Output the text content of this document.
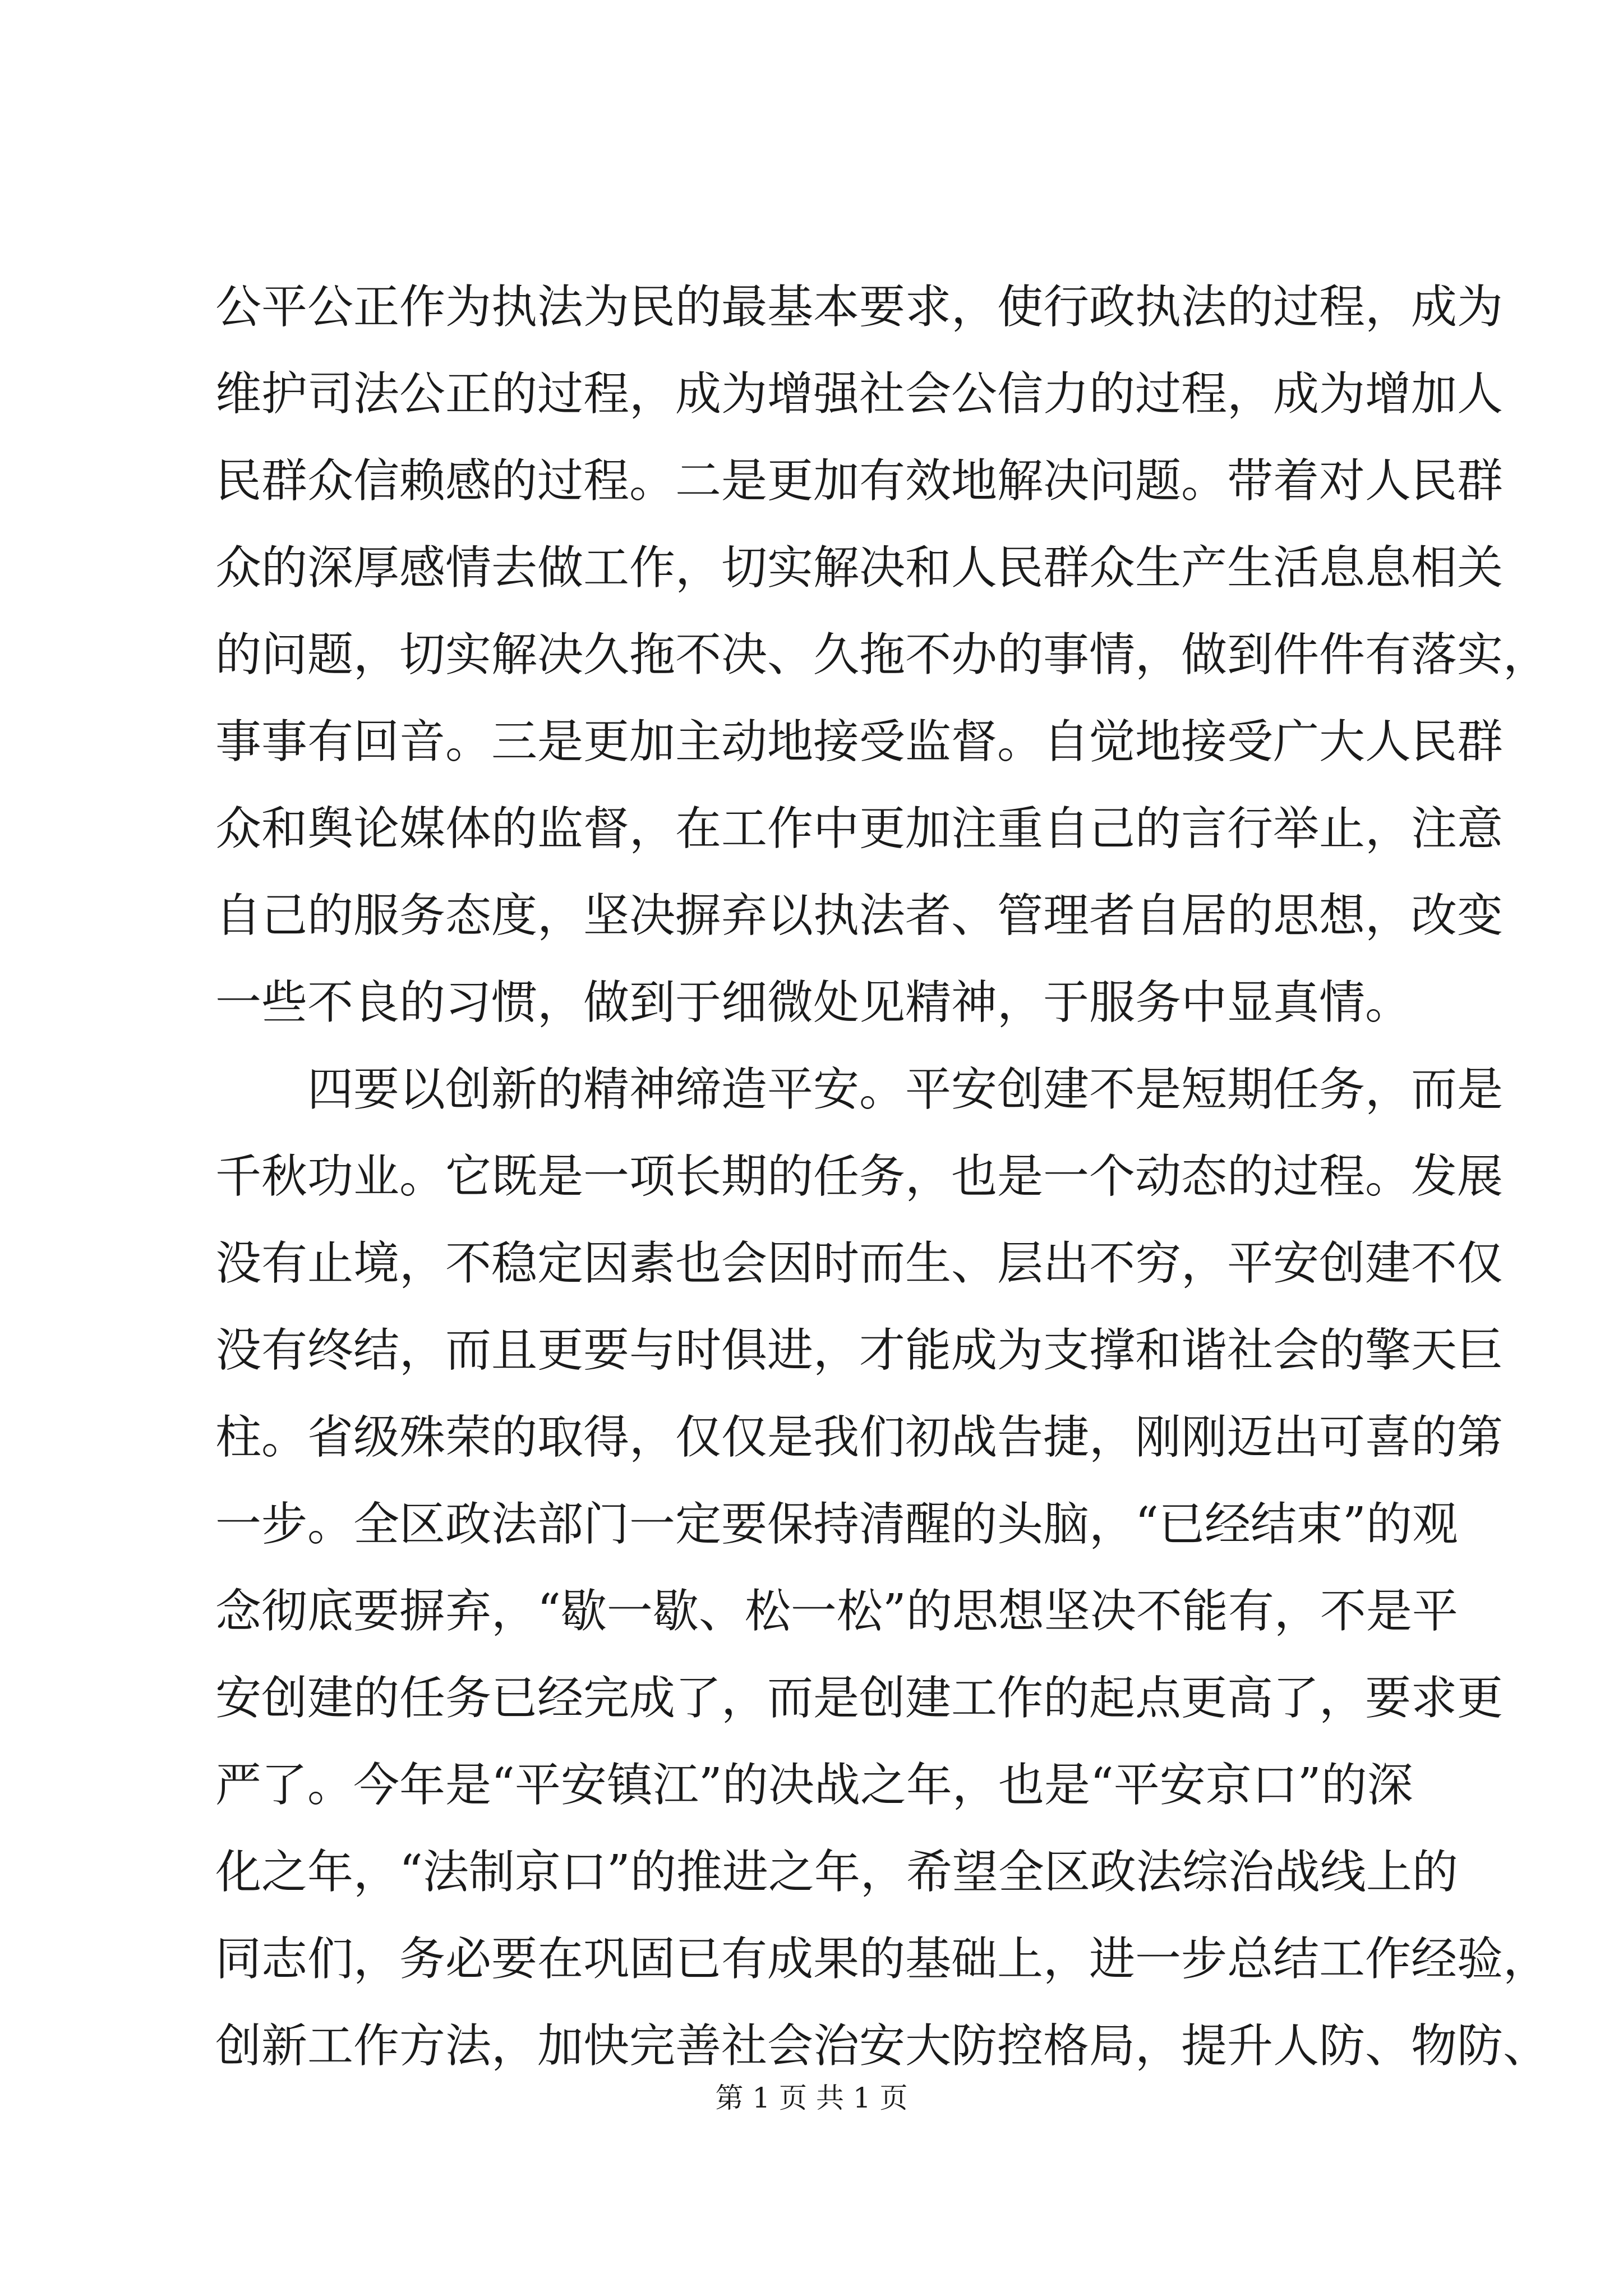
公平公正作为执法为民的最基本要求，使行政执法的过程，成为
维护司法公正的过程，成为增强社会公信力的过程，成为增加人
民群众信赖感的过程。二是更加有效地解决问题。带着对人民群
众的深厚感情去做工作，切实解决和人民群众生产生活息息相关
的问题，切实解决久拖不决、久拖不办的事情，做到件件有落实，
事事有回音。三是更加主动地接受监督。自觉地接受广大人民群
众和舆论媒体的监督，在工作中更加注重自己的言行举止，注意
自己的服务态度，坚决摒弃以执法者、管理者自居的思想，改变
一些不良的习惯，做到于细微处见精神，于服务中显真情。
四要以创新的精神缔造平安。平安创建不是短期任务，而是
千秋功业。它既是一项长期的任务，也是一个动态的过程。发展
没有止境，不稳定因素也会因时而生、层出不穷，平安创建不仅
没有终结，而且更要与时俱进，才能成为支撑和谐社会的擎天巨
柱。省级殊荣的取得，仅仅是我们初战告捷，刚刚迈出可喜的第
一步。全区政法部门一定要保持清醒的头脑，“已经结束”的观
念彻底要摒弃，“歇一歇、松一松”的思想坚决不能有，不是平
安创建的任务已经完成了，而是创建工作的起点更高了，要求更
严了。今年是“平安镇江”的决战之年，也是“平安京口”的深
化之年，“法制京口”的推进之年，希望全区政法综治战线上的
同志们，务必要在巩固已有成果的基础上，进一步总结工作经验，
创新工作方法，加快完善社会治安大防控格局，提升人防、物防、
第 1 页 共 1 页
